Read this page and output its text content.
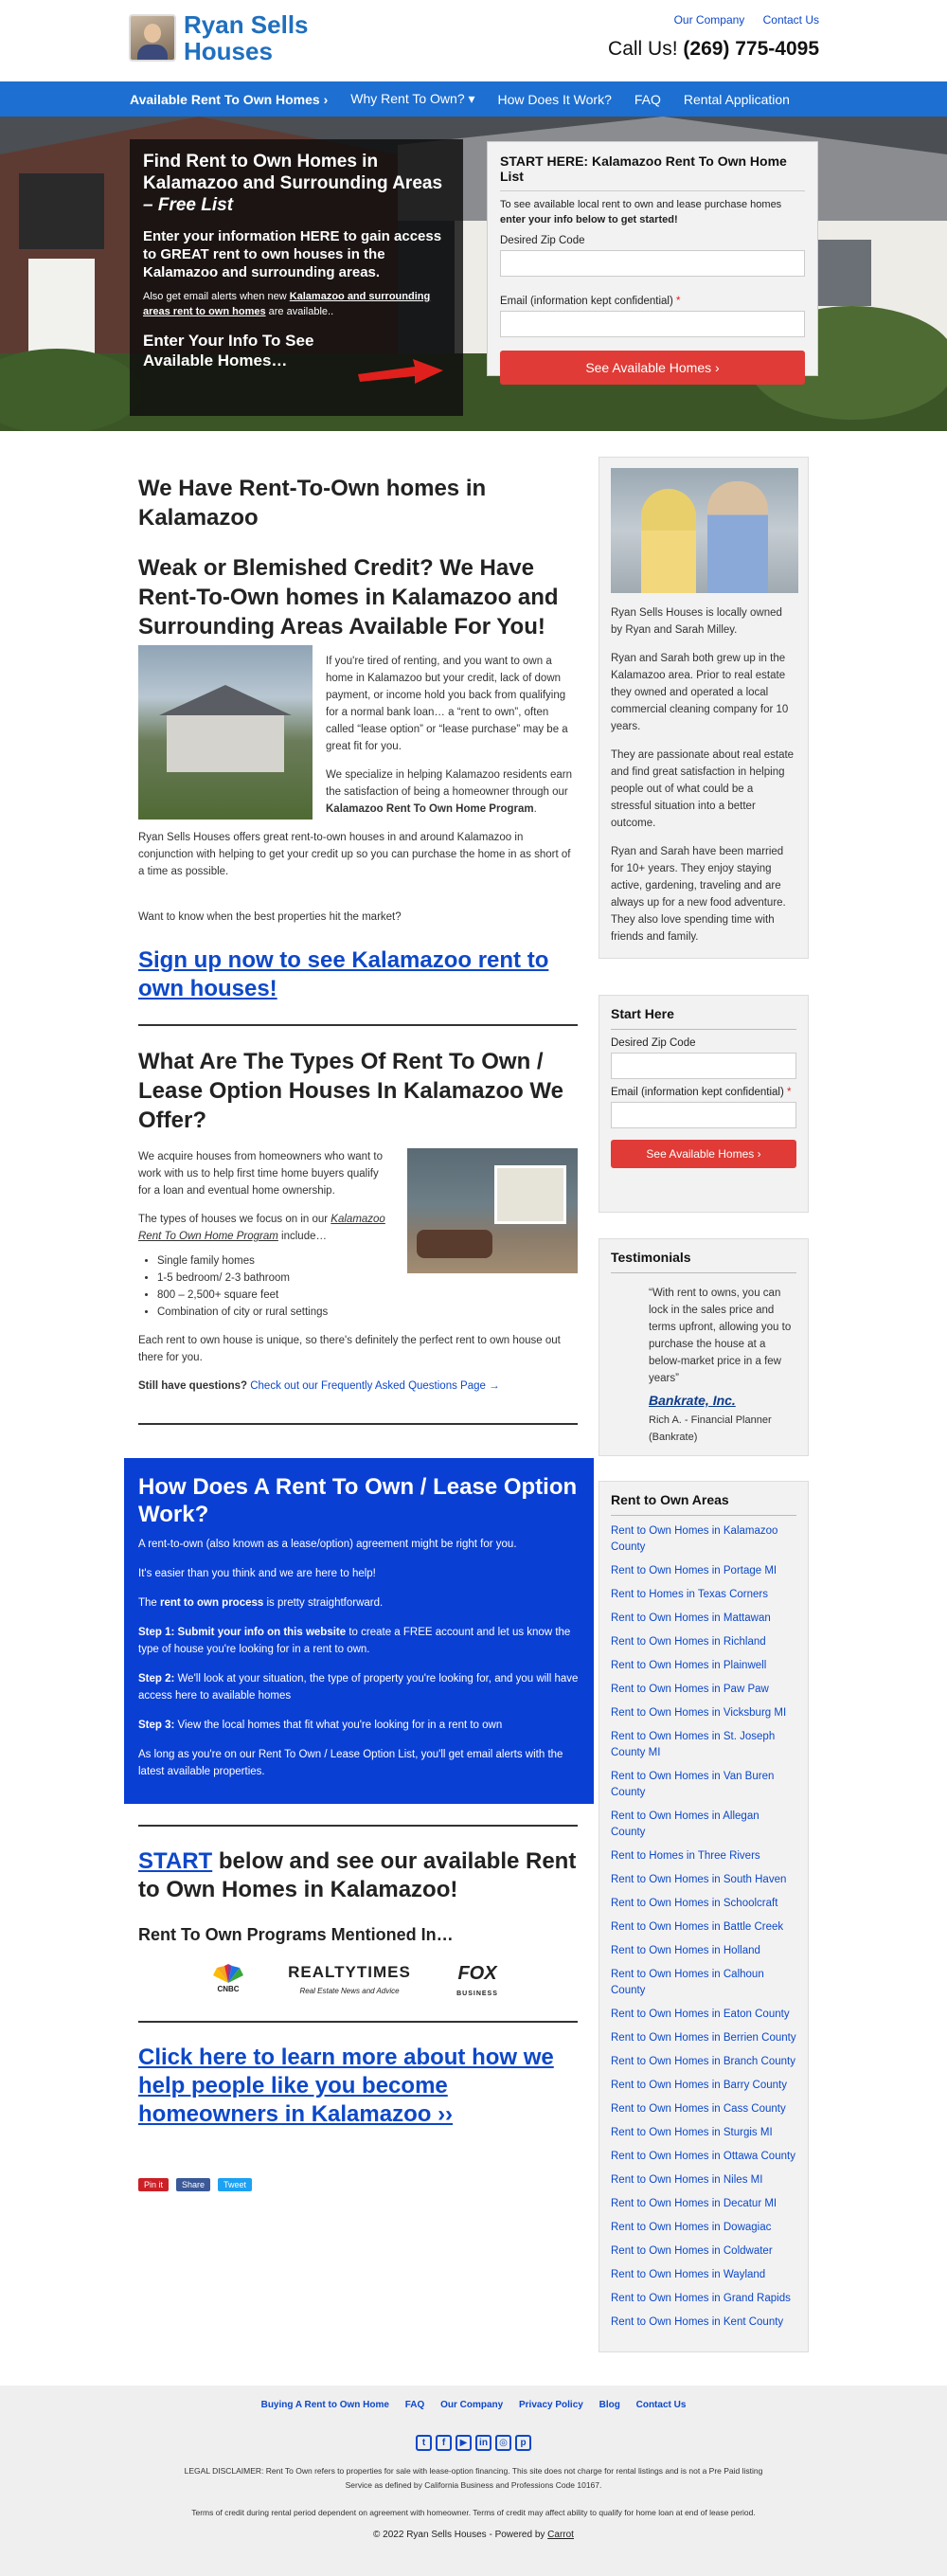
Ryan Sells
Houses
Our Company Contact Us
Call Us! (269) 775-4095
Available Rent To Own Homes › Why Rent To Own? ▾ How Does It Work? FAQ Rental Application
Find Rent to Own Homes in Kalamazoo and Surrounding Areas – Free List
Enter your information HERE to gain access to GREAT rent to own houses in the Kalamazoo and surrounding areas.
Also get email alerts when new Kalamazoo and surrounding areas rent to own homes are available..
Enter Your Info To See Available Homes…
START HERE: Kalamazoo Rent To Own Home List
To see available local rent to own and lease purchase homes
enter your info below to get started!
Desired Zip Code
Email (information kept confidential) *
See Available Homes ›
We Have Rent-To-Own homes in Kalamazoo
Weak or Blemished Credit? We Have Rent-To-Own homes in Kalamazoo and Surrounding Areas Available For You!
If you're tired of renting, and you want to own a home in Kalamazoo but your credit, lack of down payment, or income hold you back from qualifying for a normal bank loan… a “rent to own”, often called “lease option” or “lease purchase” may be a great fit for you.
We specialize in helping Kalamazoo residents earn the satisfaction of being a homeowner through our Kalamazoo Rent To Own Home Program.
Ryan Sells Houses offers great rent-to-own houses in and around Kalamazoo in conjunction with helping to get your credit up so you can purchase the home in as short of a time as possible.
Want to know when the best properties hit the market?
Sign up now to see Kalamazoo rent to own houses!
What Are The Types Of Rent To Own / Lease Option Houses In Kalamazoo We Offer?
We acquire houses from homeowners who want to work with us to help first time home buyers qualify for a loan and eventual home ownership.
The types of houses we focus on in our Kalamazoo Rent To Own Home Program include…
• Single family homes
• 1-5 bedroom/ 2-3 bathroom
• 800 – 2,500+ square feet
• Combination of city or rural settings
Each rent to own house is unique, so there's definitely the perfect rent to own house out there for you.
Still have questions? Check out our Frequently Asked Questions Page →
How Does A Rent To Own / Lease Option Work?
A rent-to-own (also known as a lease/option) agreement might be right for you.
It's easier than you think and we are here to help!
The rent to own process is pretty straightforward.
Step 1: Submit your info on this website to create a FREE account and let us know the type of house you're looking for in a rent to own.
Step 2: We'll look at your situation, the type of property you're looking for, and you will have access here to available homes
Step 3: View the local homes that fit what you're looking for in a rent to own
As long as you're on our Rent To Own / Lease Option List, you'll get email alerts with the latest available properties.
START below and see our available Rent to Own Homes in Kalamazoo!
Rent To Own Programs Mentioned In…
CNBC
REALTYTIMES
Real Estate News and Advice
FOX
BUSINESS
Click here to learn more about how we help people like you become homeowners in Kalamazoo ››
Pin it	Share	Tweet
Ryan Sells Houses is locally owned by Ryan and Sarah Milley.
Ryan and Sarah both grew up in the Kalamazoo area. Prior to real estate they owned and operated a local commercial cleaning company for 10 years.
They are passionate about real estate and find great satisfaction in helping people out of what could be a stressful situation into a better outcome.
Ryan and Sarah have been married for 10+ years. They enjoy staying active, gardening, traveling and are always up for a new food adventure. They also love spending time with friends and family.
Start Here
Desired Zip Code
Email (information kept confidential) *
See Available Homes ›
Testimonials
“With rent to owns, you can lock in the sales price and terms upfront, allowing you to purchase the house at a below-market price in a few years”
Bankrate, Inc.
Rich A. - Financial Planner (Bankrate)
Rent to Own Areas
Rent to Own Homes in Kalamazoo County
Rent to Own Homes in Portage MI
Rent to Homes in Texas Corners
Rent to Own Homes in Mattawan
Rent to Own Homes in Richland
Rent to Own Homes in Plainwell
Rent to Own Homes in Paw Paw
Rent to Own Homes in Vicksburg MI
Rent to Own Homes in St. Joseph County MI
Rent to Own Homes in Van Buren County
Rent to Own Homes in Allegan County
Rent to Homes in Three Rivers
Rent to Own Homes in South Haven
Rent to Own Homes in Schoolcraft
Rent to Own Homes in Battle Creek
Rent to Own Homes in Holland
Rent to Own Homes in Calhoun County
Rent to Own Homes in Eaton County
Rent to Own Homes in Berrien County
Rent to Own Homes in Branch County
Rent to Own Homes in Barry County
Rent to Own Homes in Cass County
Rent to Own Homes in Sturgis MI
Rent to Own Homes in Ottawa County
Rent to Own Homes in Niles MI
Rent to Own Homes in Decatur MI
Rent to Own Homes in Dowagiac
Rent to Own Homes in Coldwater
Rent to Own Homes in Wayland
Rent to Own Homes in Grand Rapids
Rent to Own Homes in Kent County
Buying A Rent to Own Home FAQ Our Company Privacy Policy Blog Contact Us
t	f	▶	in	◎	p
LEGAL DISCLAIMER: Rent To Own refers to properties for sale with lease-option financing. This site does not charge for rental listings and is not a Pre Paid listing Service as defined by California Business and Professions Code 10167.
Terms of credit during rental period dependent on agreement with homeowner. Terms of credit may affect ability to qualify for home loan at end of lease period.
© 2022 Ryan Sells Houses - Powered by Carrot
